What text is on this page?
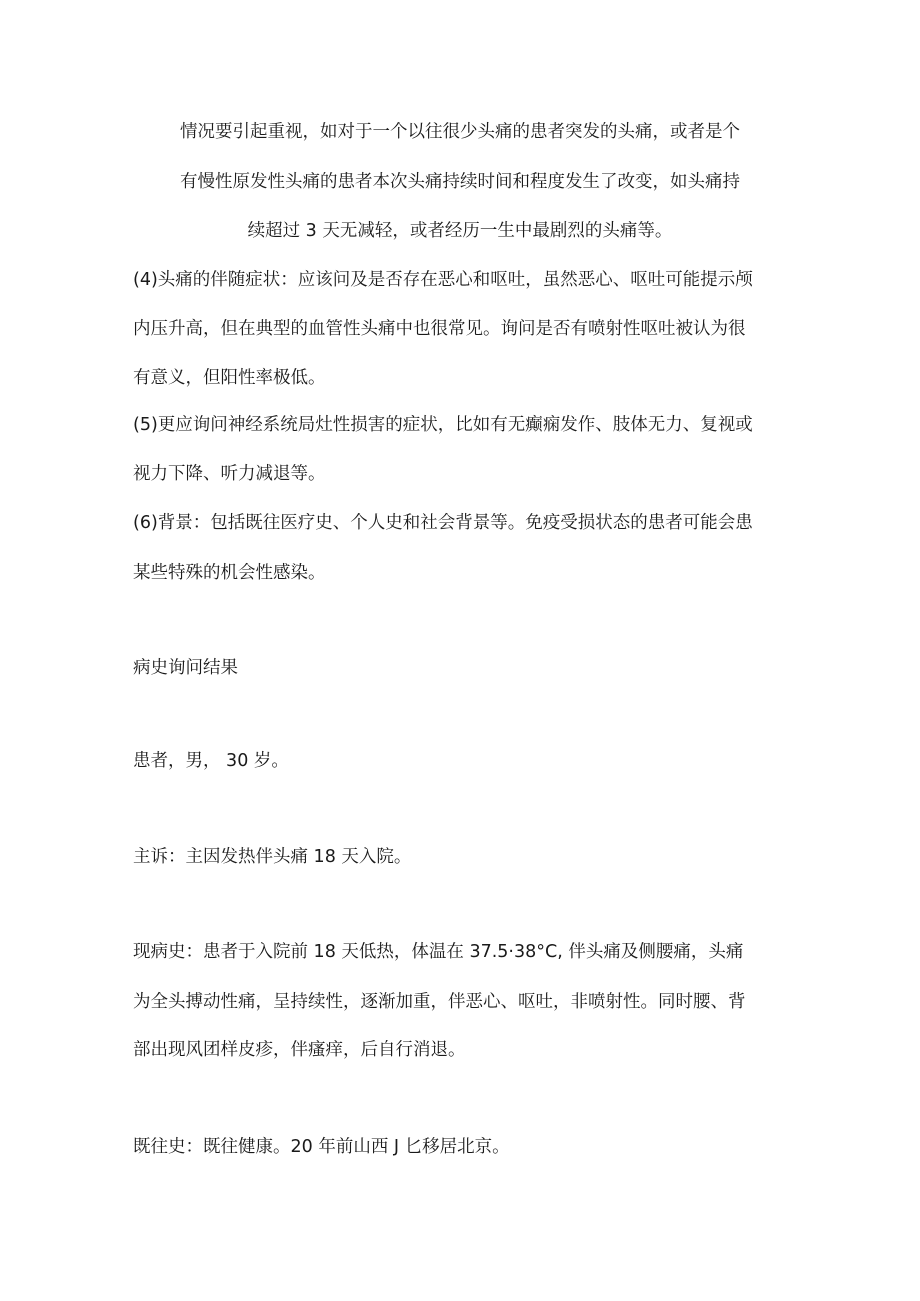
情况要引起重视，如对于一个以往很少头痛的患者突发的头痛，或者是个
有慢性原发性头痛的患者本次头痛持续时间和程度发生了改变，如头痛持
续超过 3 天无减轻，或者经历一生中最剧烈的头痛等。
(4)头痛的伴随症状：应该问及是否存在恶心和呕吐，虽然恶心、呕吐可能提示颅
内压升高，但在典型的血管性头痛中也很常见。询问是否有喷射性呕吐被认为很
有意义，但阳性率极低。
(5)更应询问神经系统局灶性损害的症状，比如有无癫痫发作、肢体无力、复视或
视力下降、听力减退等。
(6)背景：包括既往医疗史、个人史和社会背景等。免疫受损状态的患者可能会患
某些特殊的机会性感染。
病史询问结果
患者，男， 30 岁。
主诉：主因发热伴头痛 18 天入院。
现病史：患者于入院前 18 天低热，体温在 37.5·38°C, 伴头痛及侧腰痛，头痛
为全头搏动性痛，呈持续性，逐渐加重，伴恶心、呕吐，非喷射性。同时腰、背
部出现风团样皮疹，伴瘙痒，后自行消退。
既往史：既往健康。20 年前山西 J 匕移居北京。
